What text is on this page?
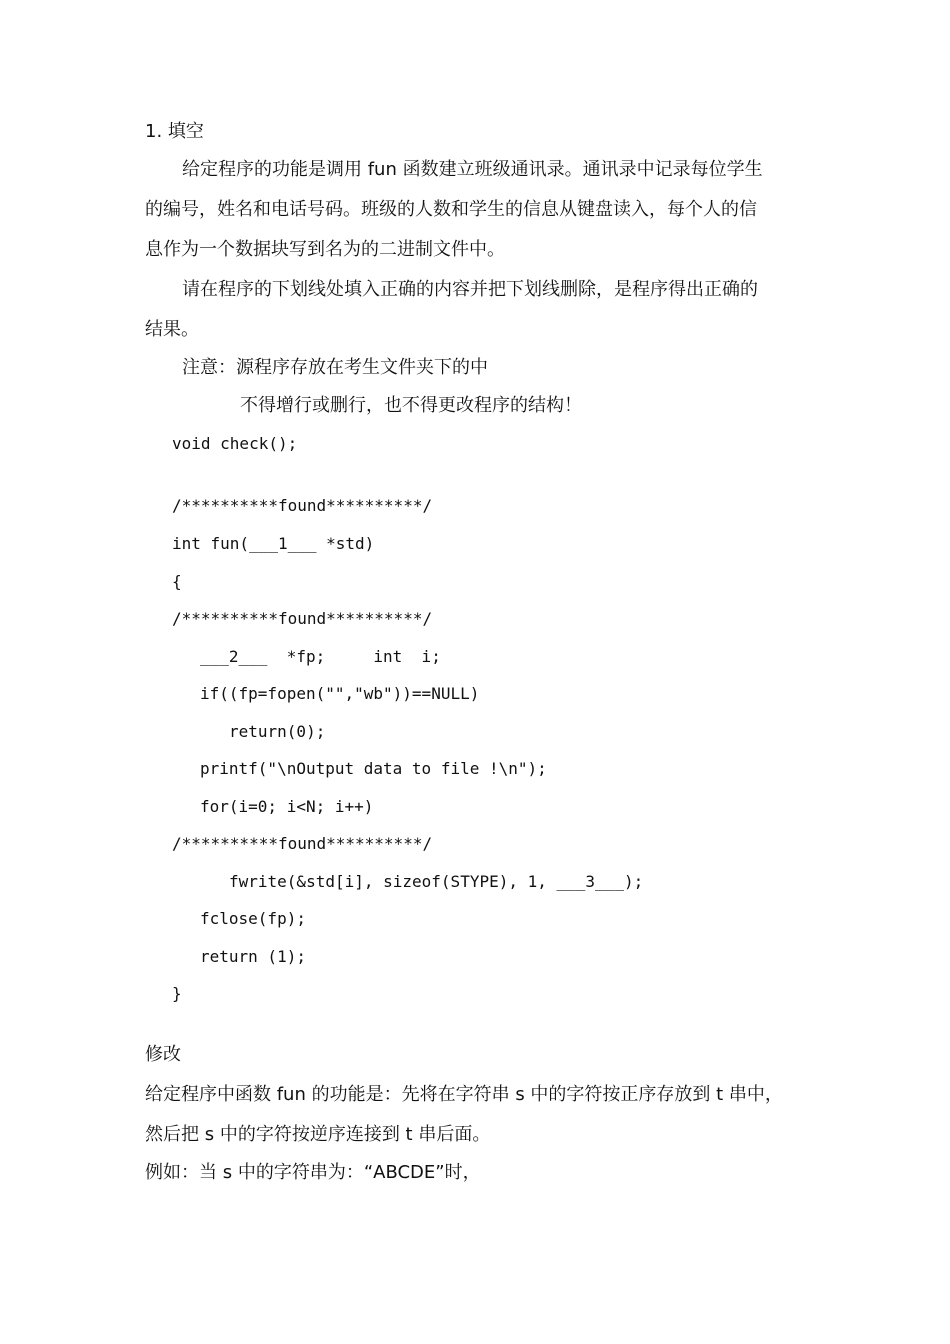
1. 填空
给定程序的功能是调用 fun 函数建立班级通讯录。通讯录中记录每位学生
的编号，姓名和电话号码。班级的人数和学生的信息从键盘读入，每个人的信
息作为一个数据块写到名为的二进制文件中。
请在程序的下划线处填入正确的内容并把下划线删除，是程序得出正确的
结果。
注意：源程序存放在考生文件夹下的中
不得增行或删行，也不得更改程序的结构！
void check();
/**********found**********/
int fun(___1___ *std)
{
/**********found**********/
___2___  *fp;     int  i;
if((fp=fopen("","wb"))==NULL)
return(0);
printf("\nOutput data to file !\n");
for(i=0; i<N; i++)
/**********found**********/
fwrite(&std[i], sizeof(STYPE), 1, ___3___);
fclose(fp);
return (1);
}
修改
给定程序中函数 fun 的功能是：先将在字符串 s 中的字符按正序存放到 t 串中，
然后把 s 中的字符按逆序连接到 t 串后面。
例如：当 s 中的字符串为：“ABCDE”时，
